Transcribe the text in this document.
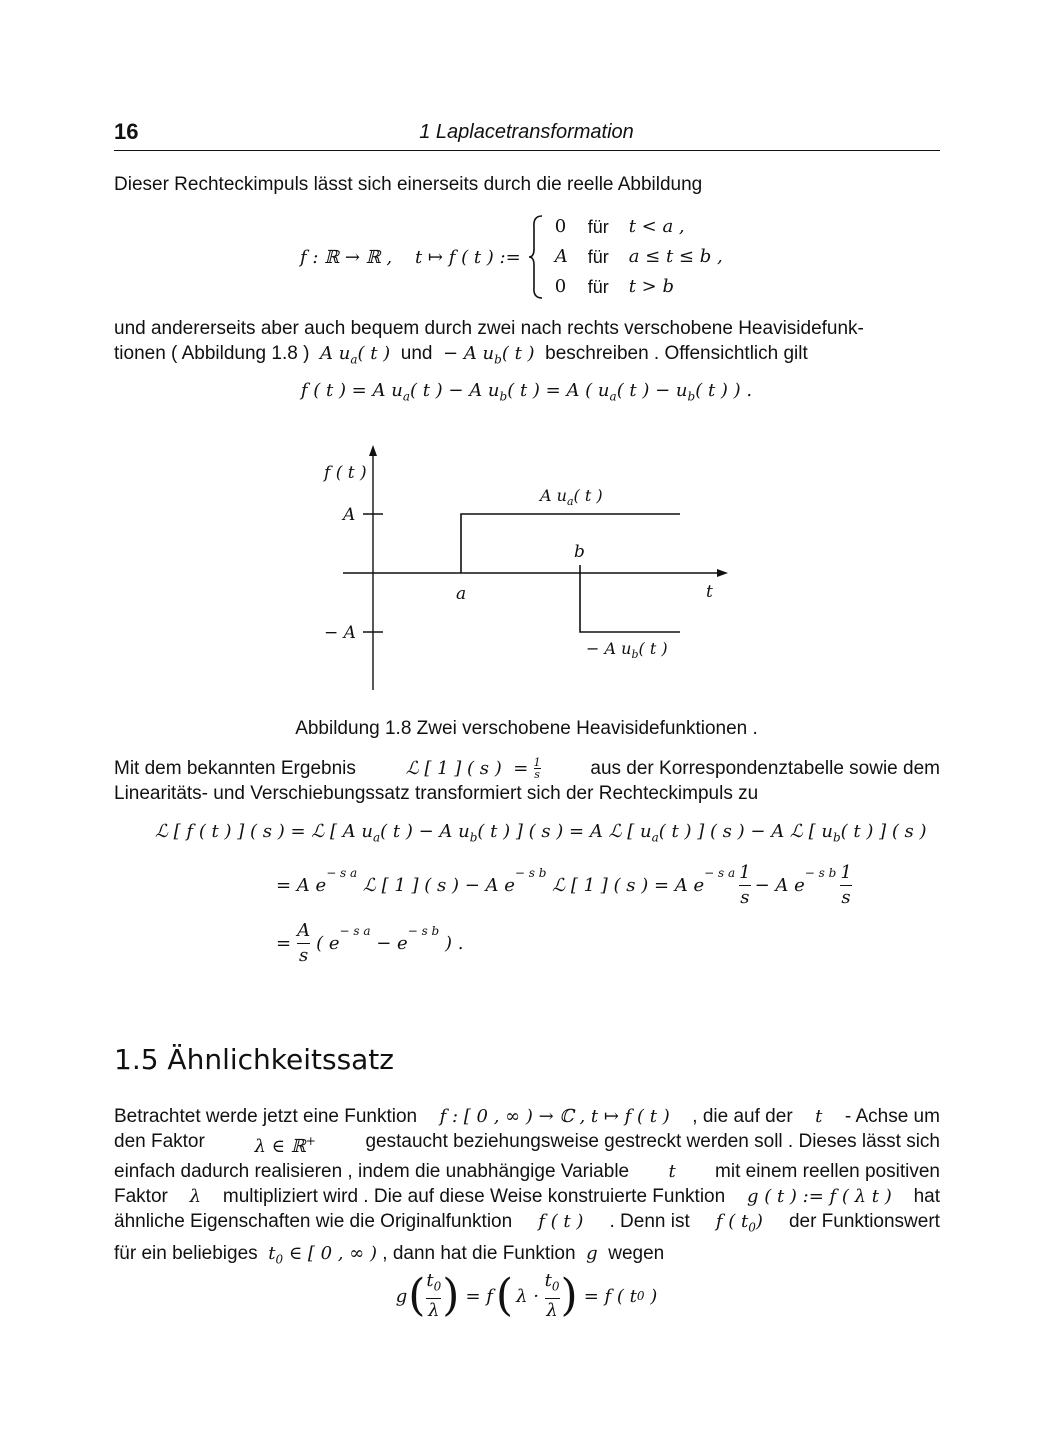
16	1 Laplacetransformation
Dieser Rechteckimpuls lässt sich einerseits durch die reelle Abbildung
f : ℝ → ℝ ,    t ↦ f ( t ) :=
0	für	t < a ,
A	für	a ≤ t ≤ b ,
0	für	t > b
und andererseits aber auch bequem durch zwei nach rechts verschobene Heavisidefunk-
tionen ( Abbildung 1.8 ) A $u_a$( t ) und − A $u_b$( t ) beschreiben . Offensichtlich gilt
f ( t ) = A $u_a$( t ) − A $u_b$( t ) = A ( $u_a$( t ) − $u_b$( t ) ) .
f ( t )
A
− A
a
b
t
A $u_a$( t )
− A $u_b$( t )
Abbildung 1.8 Zwei verschobene Heavisidefunktionen .
Mit dem bekannten Ergebnis	ℒ [ 1 ] ( s )  =
$\frac{1}{s}$	aus der Korrespondenztabelle sowie dem
Linearitäts- und Verschiebungssatz transformiert sich der Rechteckimpuls zu
ℒ [ f ( t ) ] ( s ) = ℒ [ A $u_a$( t ) − A $u_b$( t ) ] ( s ) = A ℒ [ $u_a$( t ) ] ( s ) − A ℒ [ $u_b$( t ) ] ( s )
= A e
$^{- s a}$

ℒ [ 1 ] ( s ) − A e
$^{- s b}$

ℒ [ 1 ] ( s ) = A e
$^{- s a} \frac{1}{s} - A$ e
$^{- s b} \frac{1}{s}$
= $\frac{A}{s}$ ( e
$^{- s a}$

− e
$^{- s b}$

) .
1.5 Ähnlichkeitssatz
Betrachtet werde jetzt eine Funktion f : [ 0 , ∞ ) → ℂ , t ↦ f ( t ) , die auf der t - Achse um
den Faktor	λ ∈ ℝ+	gestaucht beziehungsweise gestreckt werden soll . Dieses lässt sich
einfach dadurch realisieren , indem die unabhängige Variable t mit einem reellen positiven
Faktor λ multipliziert wird . Die auf diese Weise konstruierte Funktion g ( t ) := f ( λ t ) hat
ähnliche Eigenschaften wie die Originalfunktion f ( t ) . Denn ist f ( $t_0$) der Funktionswert
für ein beliebiges $t_0$ ∈ [ 0 , ∞ ) , dann hat die Funktion g wegen
g ( $\frac{t_0}{\lambda}$ ) = f ( λ ·
$\frac{t_0}{\lambda}$ ) = f ( t 0
)
